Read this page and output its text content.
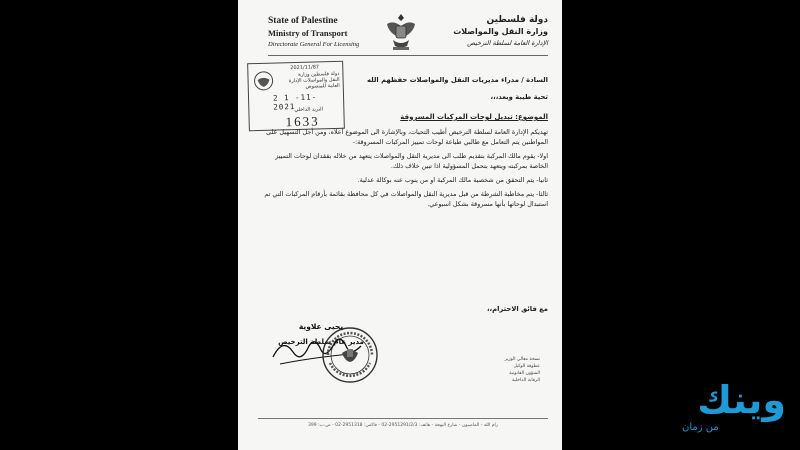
State of Palestine
Ministry of Transport
Directorate General For Licensing
دولة فلسطين
وزارة النقل والمواصلات
الإدارة العامة لسلطة الترخيص
2021/11/87
دولة فلسطين وزارة النقل والمواصلات الإدارة العامة للمنصوص
2 1 -11- 2021
البريد الداخلي
1633
السادة / مدراء مديريات النقل والمواصلات حفظهم الله
تحية طيبة وبعد،،،
الموضوع: تبديل لوحات المركبات المسروقة

تهديكم الإدارة العامة لسلطة الترخيص أطيب التحيات، وبالإشارة الى الموضوع أعلاه، ومن أجل التسهيل على المواطنين يتم التعامل مع طالبي طباعة لوحات تمييز المركبات المسروقة:-

اولا- يقوم مالك المركبة بتقديم طلب الى مديرية النقل والمواصلات يتعهد من خلاله بفقدان لوحات التمييز الخاصة بمركبته ويتعهد بتحمل المسؤولية اذا تبين خلاف ذلك.

ثانيا- يتم التحقق من شخصية مالك المركبة او من ينوب عنه بوكالة عدلية.

ثالثا- يتم مخاطبة الشرطة من قبل مديرية النقل والمواصلات في كل محافظة بقائمة بأرقام المركبات التي تم استبدال لوحاتها بأنها مسروقة بشكل اسبوعي.

مع فائق الاحترام،،
يحيى علاوية
مدير عام سلطة الترخيص
نسخة معالي الوزير
عطوفة الوكيل
الشؤون القانونية
الرقابة الداخلية
رام الله - الماصيون - شارع البهجة - هاتف: 2951291/2/3-02 - فاكس: 2951318-02 - ص.ب: 399
وينك
من زمان
